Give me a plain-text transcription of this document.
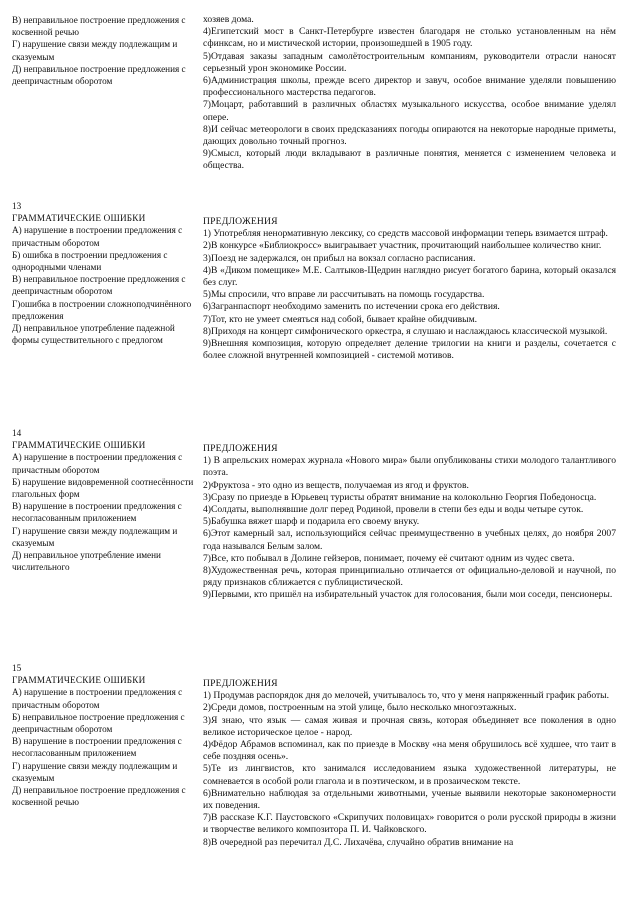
В) неправильное построение предложения с косвенной речью

Г) нарушение связи между подлежащим и сказуемым

Д) неправильное построение предложения с деепричастным оборотом

хозяев дома.

4)Египетский мост в Санкт-Петербурге известен благодаря не столько установленным на нём сфинксам, но и мистической истории, произошедшей в 1905 году.

5)Отдавая заказы западным самолётостроительным компаниям, руководители отрасли наносят серьезный урон экономике России.

6)Администрация школы, прежде всего директор и завуч, особое внимание уделяли повышению профессионального мастерства педагогов.

7)Моцарт, работавший в различных областях музыкального искусства, особое внимание уделял опере.

8)И сейчас метеорологи в своих предсказаниях погоды опираются на некоторые народные приметы, дающих довольно точный прогноз.

9)Смысл, который люди вкладывают в различные понятия, меняется с изменением человека и общества.

13

ГРАММАТИЧЕСКИЕ ОШИБКИ

А) нарушение в построении предложения с причастным оборотом

Б) ошибка в построении предложения с однородными членами

В) неправильное построение предложения с деепричастным оборотом

Г)ошибка в построении сложноподчинённого предложения

Д) неправильное употребление падежной формы существительного с предлогом

ПРЕДЛОЖЕНИЯ

1) Употребляя ненормативную лексику, со средств массовой информации теперь взимается штраф.

2)В конкурсе «Библиокросс» выиграывает участник, прочитающий наибольшее количество книг.

3)Поезд не задержался, он прибыл на вокзал согласно расписания.

4)В «Диком помещике» М.Е. Салтыков-Щедрин наглядно рисует богатого барина, который оказался без слуг.

5)Мы спросили, что вправе ли рассчитывать на помощь государства.

6)Загранпаспорт необходимо заменить по истечении срока его действия.

7)Тот, кто не умеет смеяться над собой, бывает крайне обидчивым.

8)Приходя на концерт симфонического оркестра, я слушаю и наслаждаюсь классической музыкой.

9)Внешняя композиция, которую определяет деление трилогии на книги и разделы, сочетается с более сложной внутренней композицией - системой мотивов.

14

ГРАММАТИЧЕСКИЕ ОШИБКИ

А) нарушение в построении предложения с причастным оборотом

Б) нарушение видовременной соотнесённости глагольных форм

В) нарушение в построении предложения с несогласованным приложением

Г) нарушение связи между подлежащим и сказуемым

Д) неправильное употребление имени числительного

ПРЕДЛОЖЕНИЯ

1) В апрельских номерах журнала «Нового мира» были опубликованы стихи молодого талантливого поэта.

2)Фруктоза - это одно из веществ, получаемая из ягод и фруктов.

3)Сразу по приезде в Юрьевец туристы обратят внимание на колокольню Георгия Победоносца.

4)Солдаты, выполнявшие долг перед Родиной, провели в степи без еды и воды четыре суток.

5)Бабушка вяжет шарф и подарила его своему внуку.

6)Этот камерный зал, использующийся сейчас преимущественно в учебных целях, до ноября 2007 года назывался Белым залом.

7)Все, кто побывал в Долине гейзеров, понимает, почему её считают одним из чудес света.

8)Художественная речь, которая принципиально отличается от официально-деловой и научной, по ряду признаков сближается с публицистической.

9)Первыми, кто пришёл на избирательный участок для голосования, были мои соседи, пенсионеры.

15

ГРАММАТИЧЕСКИЕ ОШИБКИ

А) нарушение в построении предложения с причастным оборотом

Б) неправильное построение предложения с деепричастным оборотом

В) нарушение в построении предложения с несогласованным приложением

Г) нарушение связи между подлежащим и сказуемым

Д) неправильное построение предложения с косвенной речью

ПРЕДЛОЖЕНИЯ

1) Продумав распорядок дня до мелочей, учитывалось то, что у меня напряженный график работы.

2)Среди домов, построенным на этой улице, было несколько многоэтажных.

3)Я знаю, что язык — самая живая и прочная связь, которая объединяет все поколения в одно великое историческое целое - народ.

4)Фёдор Абрамов вспоминал, как по приезде в Москву «на меня обрушилось всё худшее, что таит в себе поздняя осень».

5)Те из лингвистов, кто занимался исследованием языка художественной литературы, не сомневается в особой роли глагола и в поэтическом, и в прозаическом тексте.

6)Внимательно наблюдая за отдельными животными, ученые выявили некоторые закономерности их поведения.

7)В рассказе К.Г. Паустовского «Скрипучих половицах» говорится о роли русской природы в жизни и творчестве великого композитора П. И. Чайковского.

8)В очередной раз перечитал Д.С. Лихачёва, случайно обратив внимание на
